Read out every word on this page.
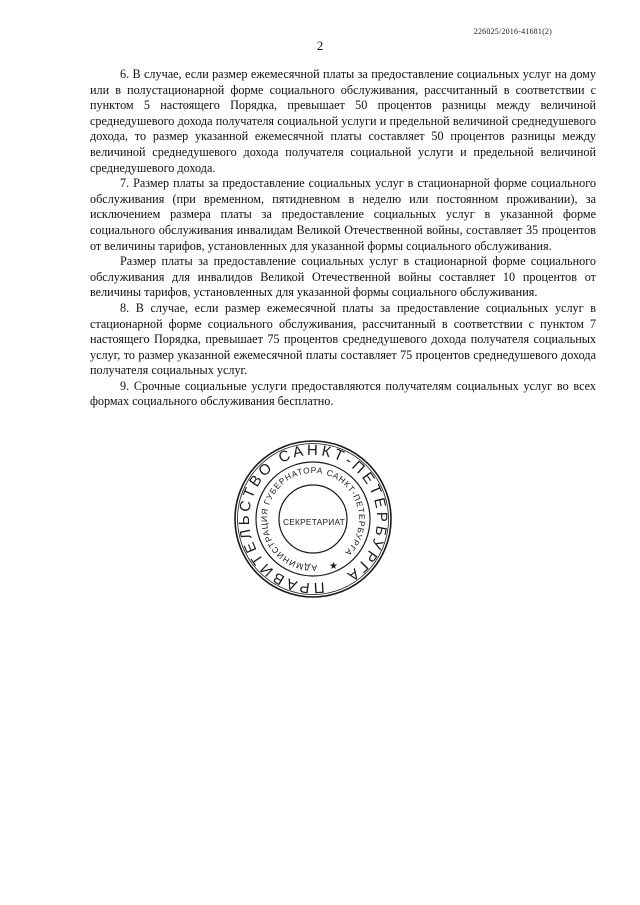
226025/2016-41681(2)
2

6. В случае, если размер ежемесячной платы за предоставление социальных услуг на дому или в полустационарной форме социального обслуживания, рассчитанный в соответствии с пунктом 5 настоящего Порядка, превышает 50 процентов разницы между величиной среднедушевого дохода получателя социальной услуги и предельной величиной среднедушевого дохода, то размер указанной ежемесячной платы составляет 50 процентов разницы между величиной среднедушевого дохода получателя социальной услуги и предельной величиной среднедушевого дохода.

7. Размер платы за предоставление социальных услуг в стационарной форме социального обслуживания (при временном, пятидневном в неделю или постоянном проживании), за исключением размера платы за предоставление социальных услуг в указанной форме социального обслуживания инвалидам Великой Отечественной войны, составляет 35 процентов от величины тарифов, установленных для указанной формы социального обслуживания.

Размер платы за предоставление социальных услуг в стационарной форме социального обслуживания для инвалидов Великой Отечественной войны составляет 10 процентов от величины тарифов, установленных для указанной формы социального обслуживания.

8. В случае, если размер ежемесячной платы за предоставление социальных услуг в стационарной форме социального обслуживания, рассчитанный в соответствии с пунктом 7 настоящего Порядка, превышает 75 процентов среднедушевого дохода получателя социальных услуг, то размер указанной ежемесячной платы составляет 75 процентов среднедушевого дохода получателя социальных услуг.

9. Срочные социальные услуги предоставляются получателям социальных услуг во всех формах социального обслуживания бесплатно.

ПРАВИТЕЛЬСТВО САНКТ-ПЕТЕРБУРГА
АДМИНИСТРАЦИЯ ГУБЕРНАТОРА САНКТ-ПЕТЕРБУРГА
★
СЕКРЕТАРИАТ
